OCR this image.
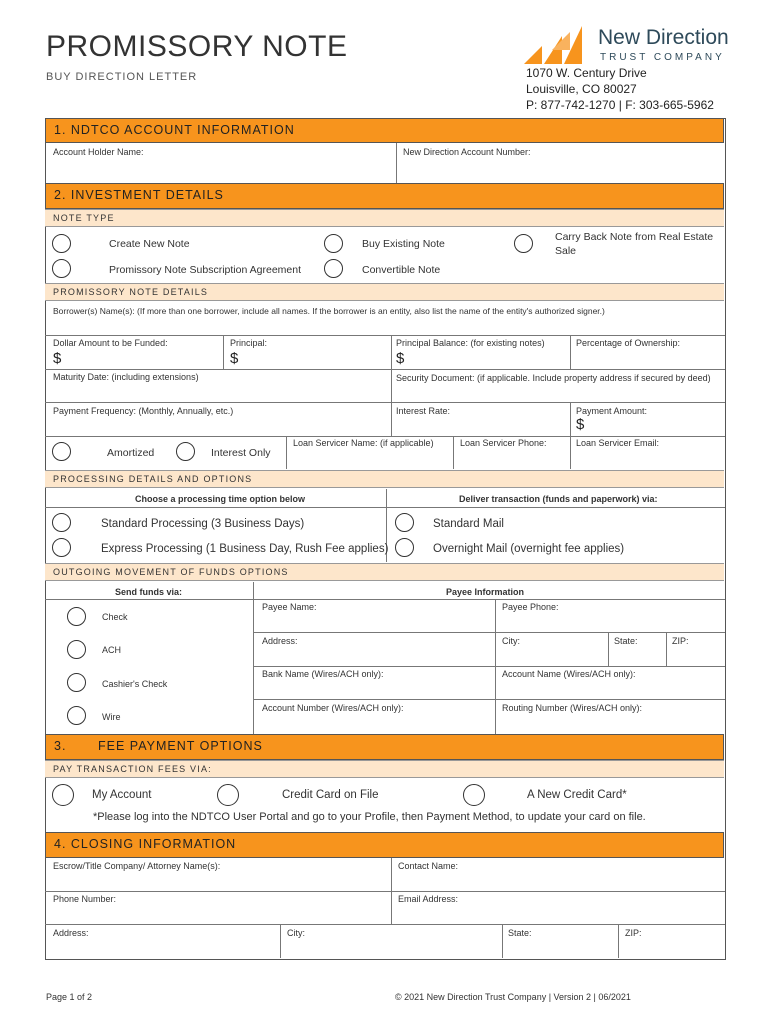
PROMISSORY NOTE
BUY DIRECTION LETTER
New Direction
TRUST COMPANY
1070 W. Century Drive
Louisville, CO 80027
P: 877-742-1270 | F: 303-665-5962
1. NDTCO ACCOUNT INFORMATION
Account Holder Name:	New Direction Account Number:
2. INVESTMENT DETAILS
NOTE TYPE
Create New Note	Buy Existing Note
Carry Back Note from Real Estate Sale
Promissory Note Subscription Agreement	Convertible Note
PROMISSORY NOTE DETAILS
Borrower(s) Name(s): (If more than one borrower, include all names. If the borrower is an entity, also list the name of the entity's authorized signer.)
Dollar Amount to be Funded:	Principal:	Principal Balance: (for existing notes)	Percentage of Ownership:
$	$	$
Maturity Date: (including extensions)	Security Document: (if applicable. Include property address if secured by deed)
Payment Frequency: (Monthly, Annually, etc.)	Interest Rate:	Payment Amount:
$
Amortized	Interest Only
Loan Servicer Name: (if applicable)	Loan Servicer Phone:	Loan Servicer Email:
PROCESSING DETAILS AND OPTIONS
Choose a processing time option below	Deliver transaction (funds and paperwork) via:
Standard Processing (3 Business Days)	Standard Mail
Express Processing (1 Business Day, Rush Fee applies)	Overnight Mail (overnight fee applies)
OUTGOING MOVEMENT OF FUNDS OPTIONS
Send funds via:	Payee Information
Check
ACH
Cashier's Check
Wire
Payee Name:	Payee Phone:
Address:	City:	State:	ZIP:
Bank Name (Wires/ACH only):	Account Name (Wires/ACH only):
Account Number (Wires/ACH only):	Routing Number (Wires/ACH only):
3.	FEE PAYMENT OPTIONS
PAY TRANSACTION FEES VIA:
My Account	Credit Card on File	A New Credit Card*
*Please log into the NDTCO User Portal and go to your Profile, then Payment Method, to update your card on file.
4. CLOSING INFORMATION
Escrow/Title Company/ Attorney Name(s):	Contact Name:
Phone Number:	Email Address:
Address:	City:	State:	ZIP:
Page 1 of 2	© 2021 New Direction Trust Company | Version 2 | 06/2021
